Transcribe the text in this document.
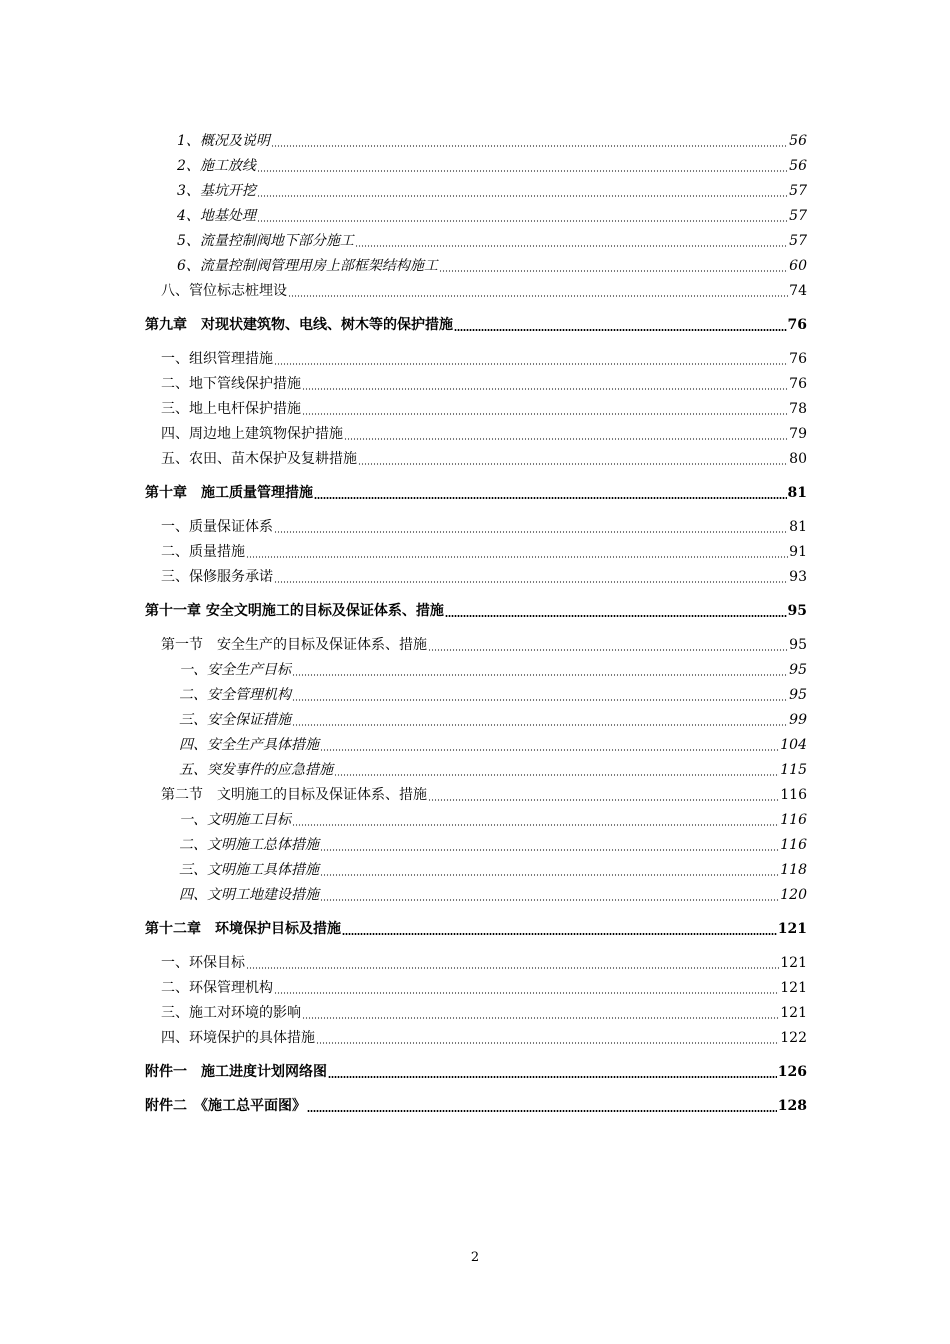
1、概况及说明	56
2、施工放线	56
3、基坑开挖	57
4、地基处理	57
5、流量控制阀地下部分施工	57
6、流量控制阀管理用房上部框架结构施工	60
八、管位标志桩埋设	74
第九章　对现状建筑物、电线、树木等的保护措施	76
一、组织管理措施	76
二、地下管线保护措施	76
三、地上电杆保护措施	78
四、周边地上建筑物保护措施	79
五、农田、苗木保护及复耕措施	80
第十章　施工质量管理措施	81
一、质量保证体系	81
二、质量措施	91
三、保修服务承诺	93
第十一章 安全文明施工的目标及保证体系、措施	95
第一节　安全生产的目标及保证体系、措施	95
一、安全生产目标	95
二、安全管理机构	95
三、安全保证措施	99
四、安全生产具体措施	104
五、突发事件的应急措施	115
第二节　文明施工的目标及保证体系、措施	116
一、文明施工目标	116
二、文明施工总体措施	116
三、文明施工具体措施	118
四、文明工地建设措施	120
第十二章　环境保护目标及措施	121
一、环保目标	121
二、环保管理机构	121
三、施工对环境的影响	121
四、环境保护的具体措施	122
附件一　施工进度计划网络图	126
附件二　《施工总平面图》	128
2
